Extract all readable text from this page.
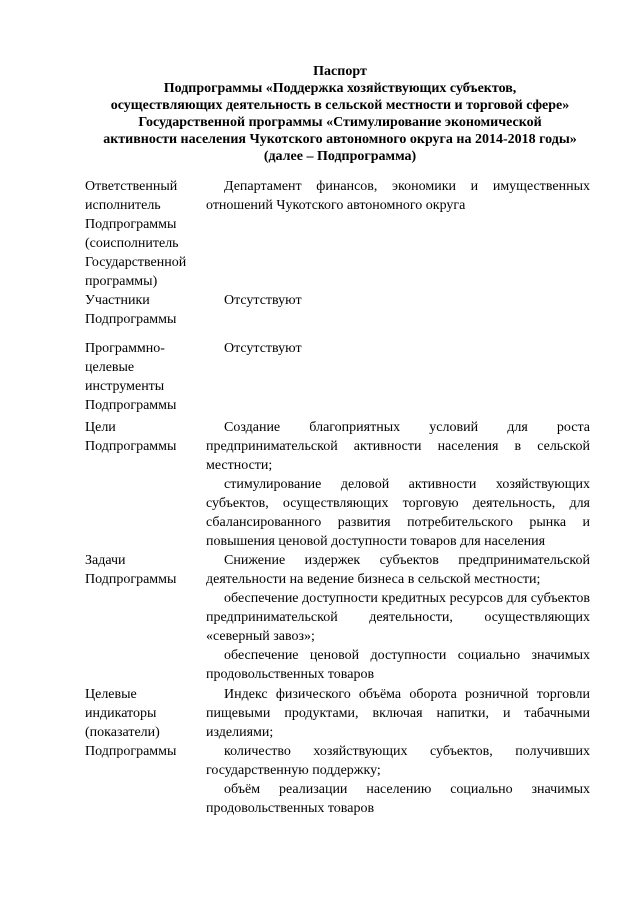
Паспорт
Подпрограммы «Поддержка хозяйствующих субъектов,
осуществляющих деятельность в сельской местности и торговой сфере»
Государственной программы «Стимулирование экономической
активности населения Чукотского автономного округа на 2014-2018 годы»
(далее – Подпрограмма)
Ответственный исполнитель Подпрограммы (соисполнитель Государственной программы)

Департамент финансов, экономики и имущественных отношений Чукотского автономного округа

Участники Подпрограммы

Отсутствуют

Программно-целевые инструменты Подпрограммы

Отсутствуют

Цели Подпрограммы

Создание благоприятных условий для роста предпринимательской активности населения в сельской местности;

стимулирование деловой активности хозяйствующих субъектов, осуществляющих торговую деятельность, для сбалансированного развития потребительского рынка и повышения ценовой доступности товаров для населения

Задачи Подпрограммы

Снижение издержек субъектов предпринимательской деятельности на ведение бизнеса в сельской местности;

обеспечение доступности кредитных ресурсов для субъектов предпринимательской деятельности, осуществляющих «северный завоз»;

обеспечение ценовой доступности социально значимых продовольственных товаров

Целевые индикаторы (показатели) Подпрограммы

Индекс физического объёма оборота розничной торговли пищевыми продуктами, включая напитки, и табачными изделиями;

количество хозяйствующих субъектов, получивших государственную поддержку;

объём реализации населению социально значимых продовольственных товаров
